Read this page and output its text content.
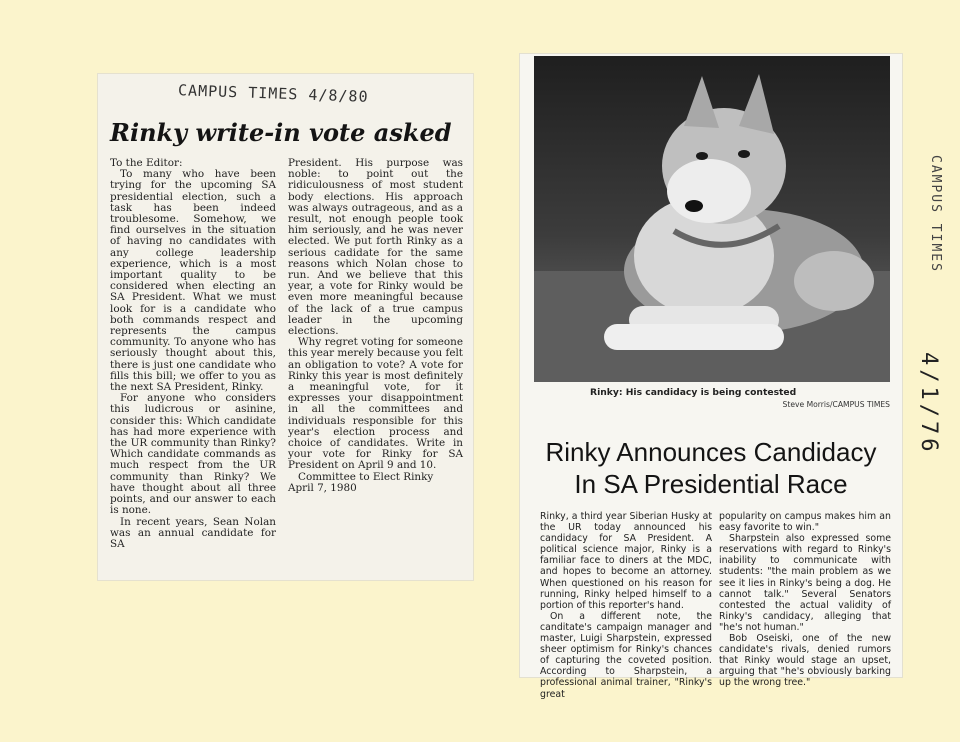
CAMPUS TIMES 4/8/80
Rinky write-in vote asked

To the Editor:

To many who have been trying for the upcoming SA presidential election, such a task has been indeed troublesome. Somehow, we find ourselves in the situation of having no candidates with any college leadership experience, which is a most important quality to be considered when electing an SA President. What we must look for is a candidate who both commands respect and represents the campus community. To anyone who has seriously thought about this, there is just one candidate who fills this bill; we offer to you as the next SA President, Rinky.

For anyone who considers this ludicrous or asinine, consider this: Which candidate has had more experience with the UR community than Rinky? Which candidate commands as much respect from the UR community than Rinky? We have thought about all three points, and our answer to each is none.

In recent years, Sean Nolan was an annual candidate for SA

President. His purpose was noble: to point out the ridiculousness of most student body elections. His approach was always outrageous, and as a result, not enough people took him seriously, and he was never elected. We put forth Rinky as a serious cadidate for the same reasons which Nolan chose to run. And we believe that this year, a vote for Rinky would be even more meaningful because of the lack of a true campus leader in the upcoming elections.

Why regret voting for someone this year merely because you felt an obligation to vote? A vote for Rinky this year is most definitely a meaningful vote, for it expresses your disappointment in all the committees and individuals responsible for this year's election process and choice of candidates. Write in your vote for Rinky for SA President on April 9 and 10.

Committee to Elect Rinky

April 7, 1980

Rinky: His candidacy is being contested
Steve Morris/CAMPUS TIMES
Rinky Announces Candidacy
In SA Presidential Race

Rinky, a third year Siberian Husky at the UR today announced his candidacy for SA President. A political science major, Rinky is a familiar face to diners at the MDC, and hopes to become an attorney. When questioned on his reason for running, Rinky helped himself to a portion of this reporter's hand.

On a different note, the canditate's campaign manager and master, Luigi Sharpstein, expressed sheer optimism for Rinky's chances of capturing the coveted position. According to Sharpstein, a professional animal trainer, "Rinky's great

popularity on campus makes him an easy favorite to win."

Sharpstein also expressed some reservations with regard to Rinky's inability to communicate with students: "the main problem as we see it lies in Rinky's being a dog. He cannot talk." Several Senators contested the actual validity of Rinky's candidacy, alleging that "he's not human."

Bob Oseiski, one of the new candidate's rivals, denied rumors that Rinky would stage an upset, arguing that "he's obviously barking up the wrong tree."

CAMPUS TIMES
4/1/76
